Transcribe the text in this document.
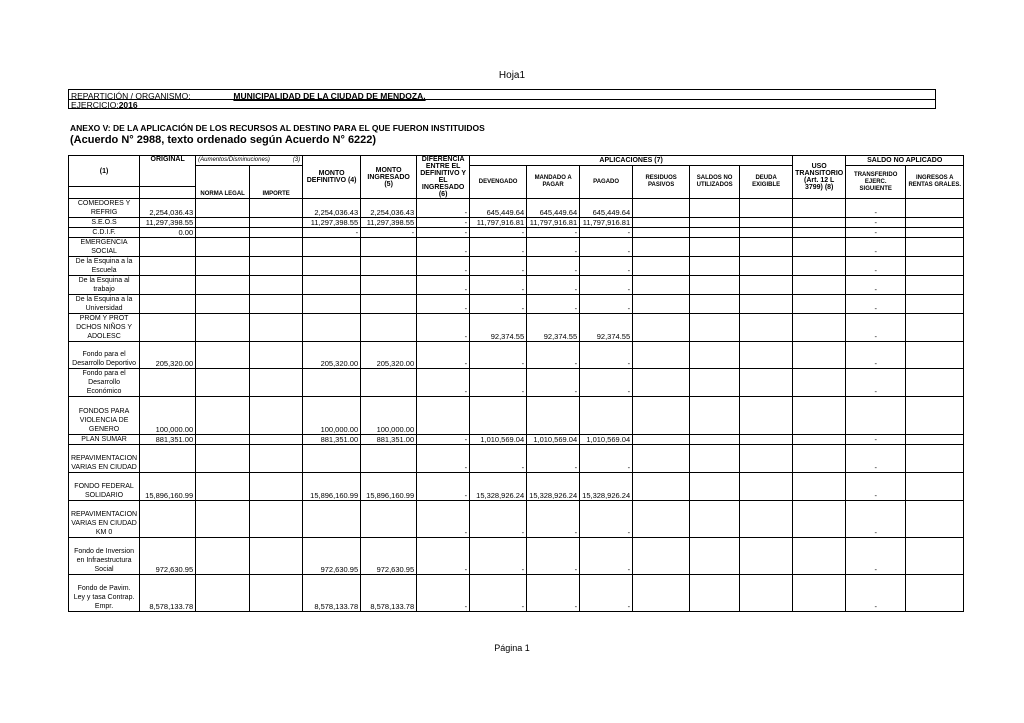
Hoja1
REPARTICIÓN / ORGANISMO:	MUNICIPALIDAD DE LA CIUDAD DE MENDOZA.
EJERCICIO:2016
ANEXO V: DE LA APLICACIÓN DE LOS RECURSOS AL DESTINO PARA EL QUE FUERON INSTITUIDOS
(Acuerdo N° 2988, texto ordenado según Acuerdo N° 6222)
(1)	ORIGINAL	(Aumentos/Disminuciones) (3)		MONTO DEFINITIVO (4)	MONTO INGRESADO (5)	DIFERENCIA ENTRE EL DEFINITIVO Y EL INGRESADO (6)	APLICACIONES (7)						USO TRANSITORIO (Art. 12 L 3799) (8)	SALDO NO APLICADO	
		NORMA LEGAL	IMPORTE				DEVENGADO	MANDADO A PAGAR	PAGADO	RESIDUOS PASIVOS	SALDOS NO UTILIZADOS	DEUDA EXIGIBLE		TRANSFERIDO EJERC. SIGUIENTE	INGRESOS A RENTAS GRALES.

COMEDORES Y REFRIG	2,254,036.43			2,254,036.43	2,254,036.43	-	645,449.64	645,449.64	645,449.64					-	
S.E.O.S	11,297,398.55			11,297,398.55	11,297,398.55	-	11,797,916.81	11,797,916.81	11,797,916.81					-	
C.D.I.F.	0.00			-	-	-	-	-	-					-	
EMERGENCIA SOCIAL						-	-	-	-					-	
De la Esquina a la Escuela						-	-	-	-					-	
De la Esquina al trabajo						-	-	-	-					-	
De la Esquina a la Universidad						-	-	-	-					-	
PROM Y PROT DCHOS NIÑOS Y ADOLESC						-	92,374.55	92,374.55	92,374.55					-	
Fondo para el Desarrollo Deportivo	205,320.00			205,320.00	205,320.00	-	-	-	-					-	
Fondo para el Desarrollo Económico						-	-	-	-					-	
FONDOS PARA VIOLENCIA DE GENERO	100,000.00			100,000.00	100,000.00										
PLAN SUMAR	881,351.00			881,351.00	881,351.00	-	1,010,569.04	1,010,569.04	1,010,569.04					-	
REPAVIMENTACION VARIAS EN CIUDAD						-	-	-	-					-	
FONDO FEDERAL SOLIDARIO	15,896,160.99			15,896,160.99	15,896,160.99	-	15,328,926.24	15,328,926.24	15,328,926.24					-	
REPAVIMENTACION VARIAS EN CIUDAD KM 0						-	-	-	-					-	
Fondo de Inversion en Infraestructura Social	972,630.95			972,630.95	972,630.95	-	-	-	-					-	
Fondo de Pavim. Ley y tasa Contrap. Empr.	8,578,133.78			8,578,133.78	8,578,133.78	-	-	-	-					-	
Página 1
